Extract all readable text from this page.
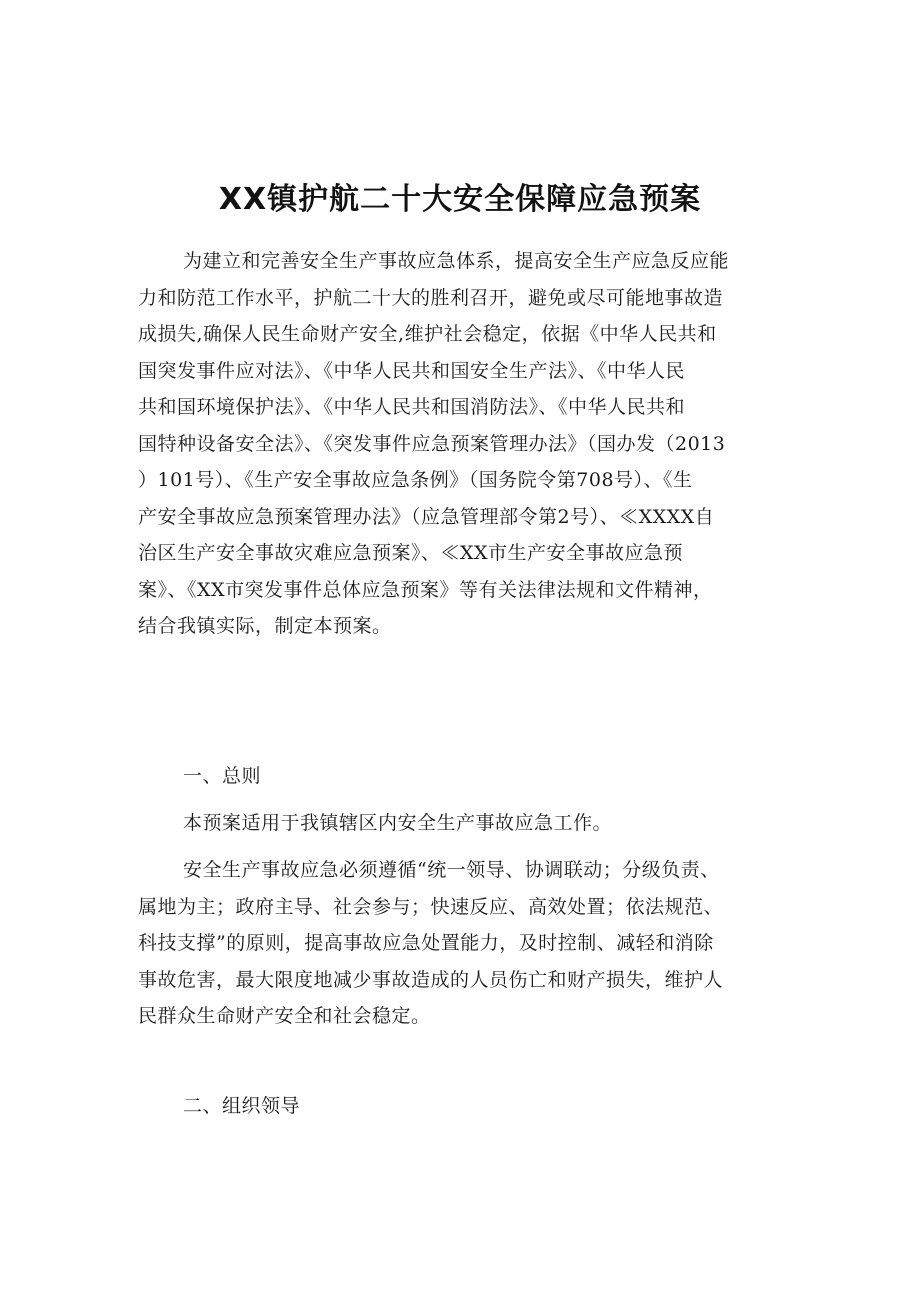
XX镇护航二十大安全保障应急预案
为建立和完善安全生产事故应急体系，提高安全生产应急反应能
力和防范工作水平，护航二十大的胜利召开，避免或尽可能地事故造
成损失,确保人民生命财产安全,维护社会稳定，依据《中华人民共和
国突发事件应对法》、《中华人民共和国安全生产法》、《中华人民
共和国环境保护法》、《中华人民共和国消防法》、《中华人民共和
国特种设备安全法》、《突发事件应急预案管理办法》（国办发（2013
）101号）、《生产安全事故应急条例》（国务院令第708号）、《生
产安全事故应急预案管理办法》（应急管理部令第2号）、≪XXXX自
治区生产安全事故灾难应急预案》、≪XX市生产安全事故应急预
案》、《XX市突发事件总体应急预案》等有关法律法规和文件精神，
结合我镇实际，制定本预案。
一、总则
本预案适用于我镇辖区内安全生产事故应急工作。
安全生产事故应急必须遵循“统一领导、协调联动；分级负责、
属地为主；政府主导、社会参与；快速反应、高效处置；依法规范、
科技支撑”的原则，提高事故应急处置能力，及时控制、减轻和消除
事故危害，最大限度地减少事故造成的人员伤亡和财产损失，维护人
民群众生命财产安全和社会稳定。
二、组织领导
